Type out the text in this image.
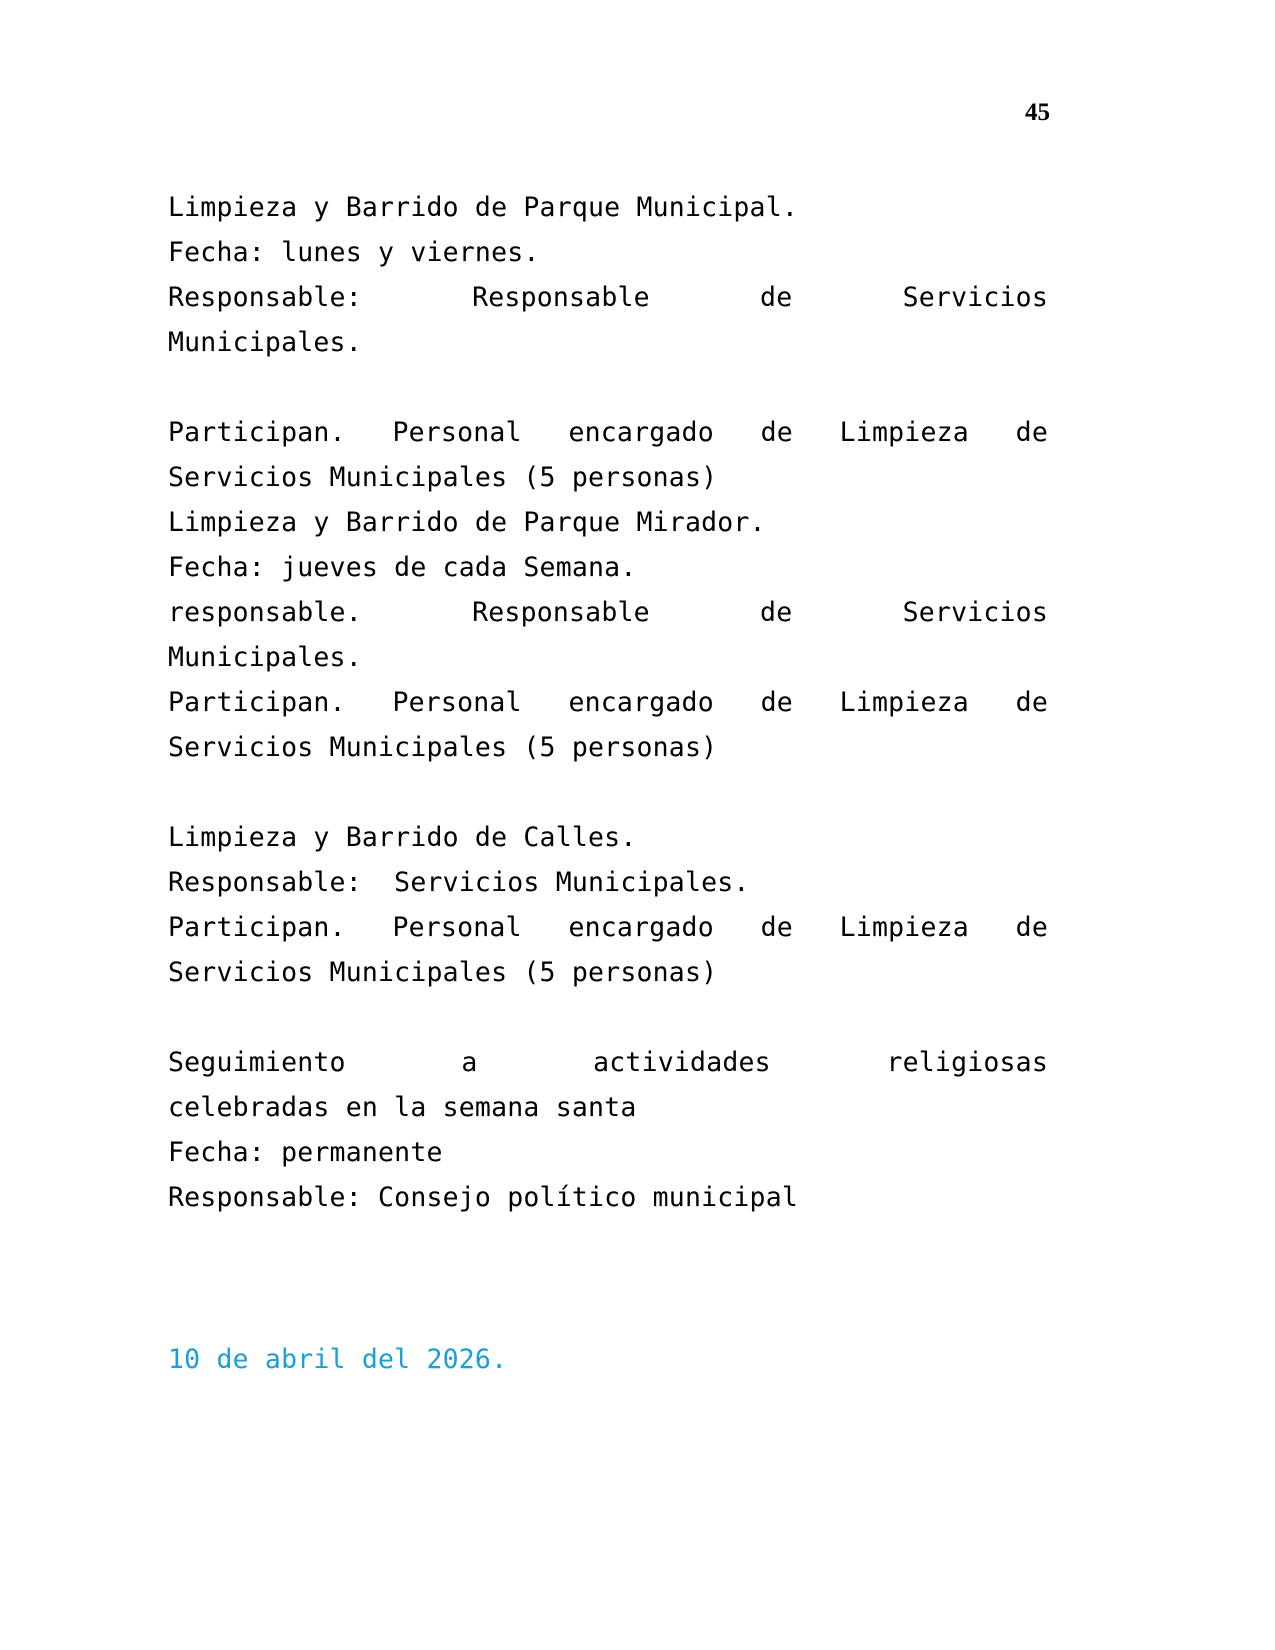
45

Limpieza y Barrido de Parque Municipal.
Fecha: lunes y viernes.
Responsable: Responsable de Servicios
Municipales.

Participan. Personal encargado de Limpieza de
Servicios Municipales (5 personas)
Limpieza y Barrido de Parque Mirador.
Fecha: jueves de cada Semana.
responsable. Responsable de Servicios
Municipales.
Participan. Personal encargado de Limpieza de
Servicios Municipales (5 personas)

Limpieza y Barrido de Calles.
Responsable:  Servicios Municipales.
Participan. Personal encargado de Limpieza de
Servicios Municipales (5 personas)

Seguimiento a actividades religiosas
celebradas en la semana santa
Fecha: permanente
Responsable: Consejo político municipal

10 de abril del 2026.
